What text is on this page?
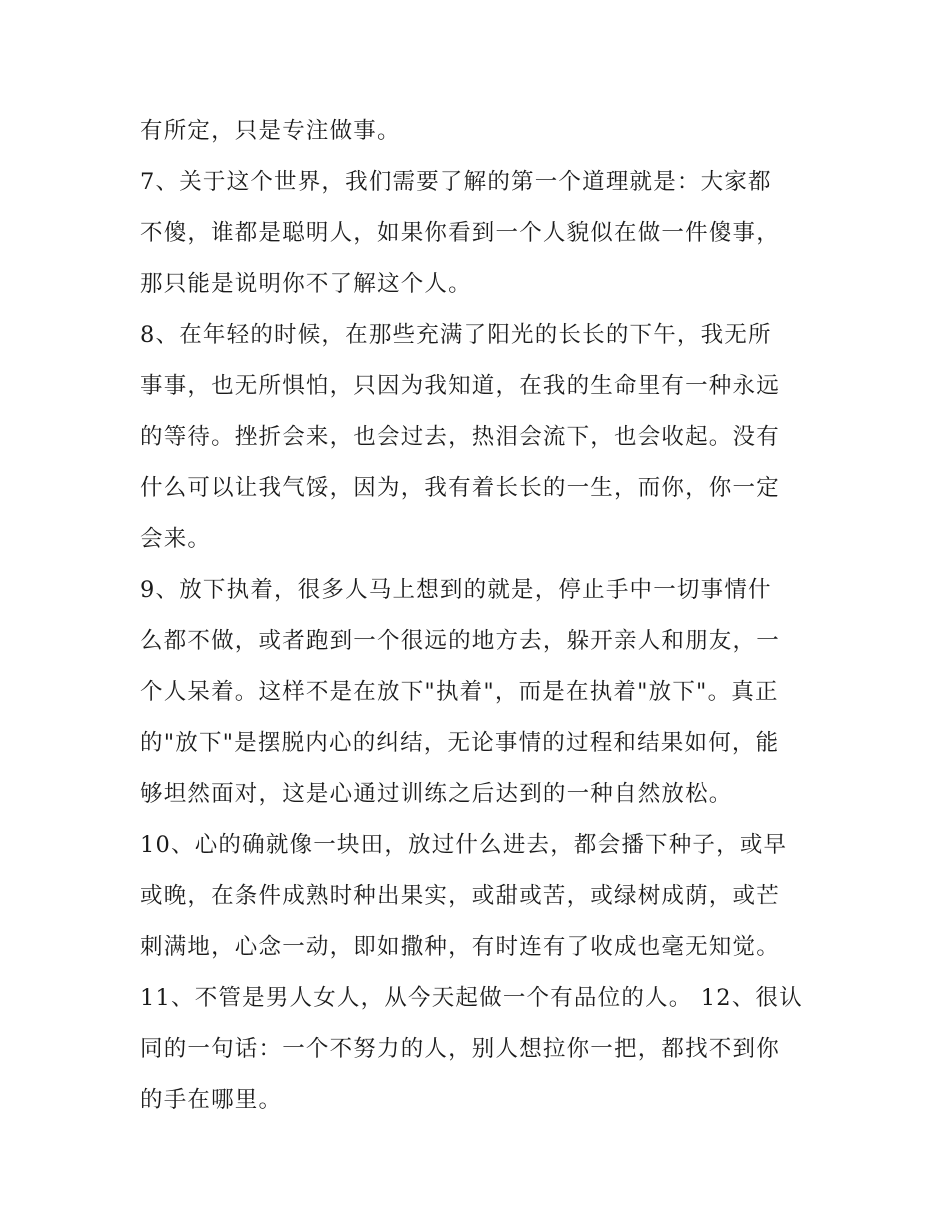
有所定，只是专注做事。
7、关于这个世界，我们需要了解的第一个道理就是：大家都
不傻，谁都是聪明人，如果你看到一个人貌似在做一件傻事，
那只能是说明你不了解这个人。
8、在年轻的时候，在那些充满了阳光的长长的下午，我无所
事事，也无所惧怕，只因为我知道，在我的生命里有一种永远
的等待。挫折会来，也会过去，热泪会流下，也会收起。没有
什么可以让我气馁，因为，我有着长长的一生，而你，你一定
会来。
9、放下执着，很多人马上想到的就是，停止手中一切事情什
么都不做，或者跑到一个很远的地方去，躲开亲人和朋友，一
个人呆着。这样不是在放下"执着"，而是在执着"放下"。真正
的"放下"是摆脱内心的纠结，无论事情的过程和结果如何，能
够坦然面对，这是心通过训练之后达到的一种自然放松。
10、心的确就像一块田，放过什么进去，都会播下种子，或早
或晚，在条件成熟时种出果实，或甜或苦，或绿树成荫，或芒
刺满地，心念一动，即如撒种，有时连有了收成也毫无知觉。
11、不管是男人女人，从今天起做一个有品位的人。 12、很认
同的一句话：一个不努力的人，别人想拉你一把，都找不到你
的手在哪里。
